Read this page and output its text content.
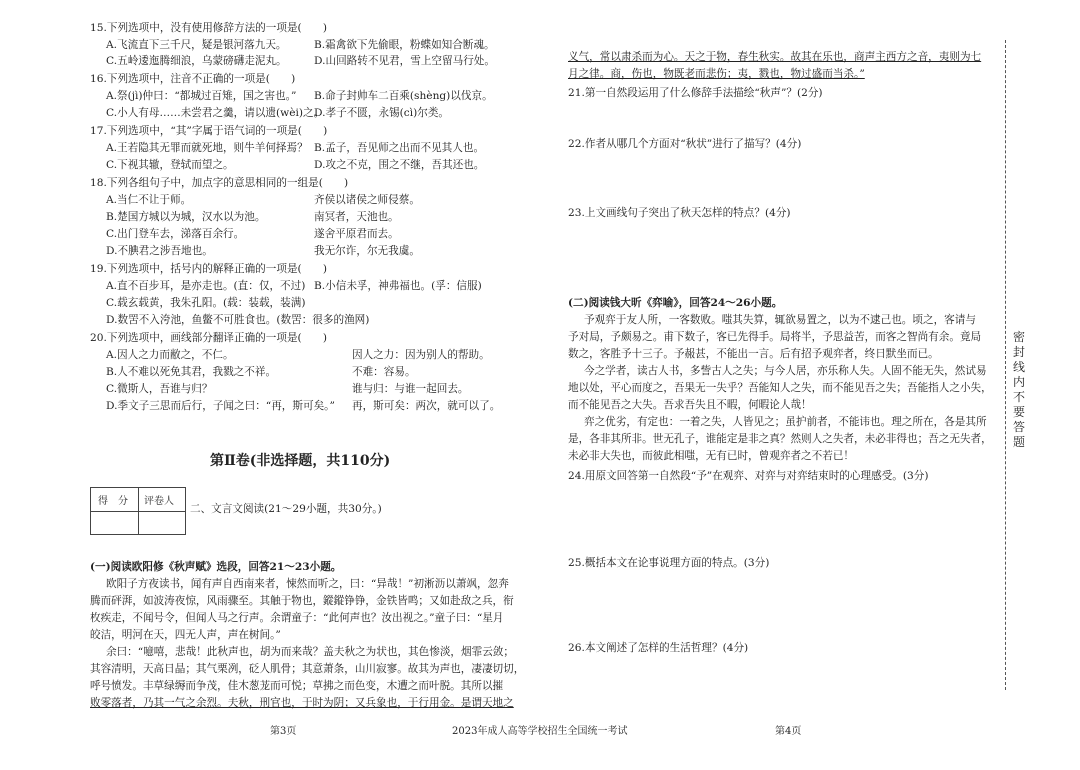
15.下列选项中，没有使用修辞方法的一项是(　　)
A.飞流直下三千尺，疑是银河落九天。	B.霜禽欲下先偷眼，粉蝶如知合断魂。
C.五岭逶迤腾细浪，乌蒙磅礴走泥丸。	D.山回路转不见君，雪上空留马行处。
16.下列选项中，注音不正确的一项是(　　)
A.祭(jì)仲曰：“都城过百雉，国之害也。” B.命子封帅车二百乘(shèng)以伐京。
C.小人有母……未尝君之羹，请以遗(wèi)之。
D.孝子不匮，永锡(cì)尔类。
17.下列选项中，“其”字属于语气词的一项是(　　)
A.王若隐其无罪而就死地，则牛羊何择焉？ B.孟子，吾见师之出而不见其人也。
C.下视其辙，登轼而望之。	D.攻之不克，围之不继，吾其还也。
18.下列各组句子中，加点字的意思相同的一组是(　　)
A.当仁不让于师。	齐侯以诸侯之师侵蔡。
B.楚国方城以为城，汉水以为池。	南冥者，天池也。
C.出门登车去，涕落百余行。	遂舍平原君而去。
D.不腆君之涉吾地也。	我无尔诈，尔无我虞。
19.下列选项中，括号内的解释正确的一项是(　　)
A.直不百步耳，是亦走也。(直：仅，不过) B.小信未孚，神弗福也。(孚：信服)
C.载玄载黄，我朱孔阳。(载：装载，装满)
D.数罟不入洿池，鱼鳖不可胜食也。(数罟：很多的渔网)
20.下列选项中，画线部分翻译正确的一项是(　　)
A.因人之力而敝之，不仁。	因人之力：因为别人的帮助。
B.人不难以死免其君，我戮之不祥。	不难：容易。
C.微斯人，吾谁与归？	谁与归：与谁一起回去。
D.季文子三思而后行，子闻之曰：“再，斯可矣。” 再，斯可矣：两次，就可以了。
第Ⅱ卷(非选择题，共110分)
得　分 评卷人
二、文言文阅读(21～29小题，共30分。)
(一)阅读欧阳修《秋声赋》选段，回答21～23小题。
欧阳子方夜读书，闻有声自西南来者，悚然而听之，曰：“异哉！”初淅沥以萧飒，忽奔
腾而砰湃，如波涛夜惊，风雨骤至。其触于物也，鏦鏦铮铮，金铁皆鸣；又如赴敌之兵，衔
枚疾走，不闻号令，但闻人马之行声。余谓童子：“此何声也？汝出视之。”童子曰：“星月
皎洁，明河在天，四无人声，声在树间。”
余曰：“噫嘻，悲哉！此秋声也，胡为而来哉？盖夫秋之为状也，其色惨淡，烟霏云敛；
其容清明，天高日晶；其气栗冽，砭人肌骨；其意萧条，山川寂寥。故其为声也，凄凄切切，
呼号愤发。丰草绿缛而争茂，佳木葱茏而可悦；草拂之而色变，木遭之而叶脱。其所以摧
败零落者，乃其一气之余烈。夫秋，刑官也，于时为阴；又兵象也，于行用金。是谓天地之
义气，常以肃杀而为心。天之于物，春生秋实。故其在乐也，商声主西方之音，夷则为七
月之律。商，伤也，物既老而悲伤；夷，戮也，物过盛而当杀。”
21.第一自然段运用了什么修辞手法描绘“秋声”？(2分)
22.作者从哪几个方面对“秋状”进行了描写？(4分)
23.上文画线句子突出了秋天怎样的特点？(4分)
(二)阅读钱大昕《弈喻》，回答24～26小题。
予观弈于友人所，一客数败。嗤其失算，辄欲易置之，以为不逮己也。顷之，客请与
予对局，予颇易之。甫下数子，客已先得手。局将半，予思益苦，而客之智尚有余。竟局
数之，客胜予十三子。予赧甚，不能出一言。后有招予观弈者，终日默坐而已。
今之学者，读古人书，多訾古人之失；与今人居，亦乐称人失。人固不能无失，然试易
地以处，平心而度之，吾果无一失乎？吾能知人之失，而不能见吾之失；吾能指人之小失，
而不能见吾之大失。吾求吾失且不暇，何暇论人哉！
弈之优劣，有定也：一着之失，人皆见之；虽护前者，不能讳也。理之所在，各是其所
是，各非其所非。世无孔子，谁能定是非之真？然则人之失者，未必非得也；吾之无失者，
未必非大失也，而彼此相嗤，无有已时，曾观弈者之不若已！
24.用原文回答第一自然段“予”在观弈、对弈与对弈结束时的心理感受。(3分)
25.概括本文在论事说理方面的特点。(3分)
26.本文阐述了怎样的生活哲理？(4分)
密封线内不要答题
第3页	2023年成人高等学校招生全国统一考试	第4页
